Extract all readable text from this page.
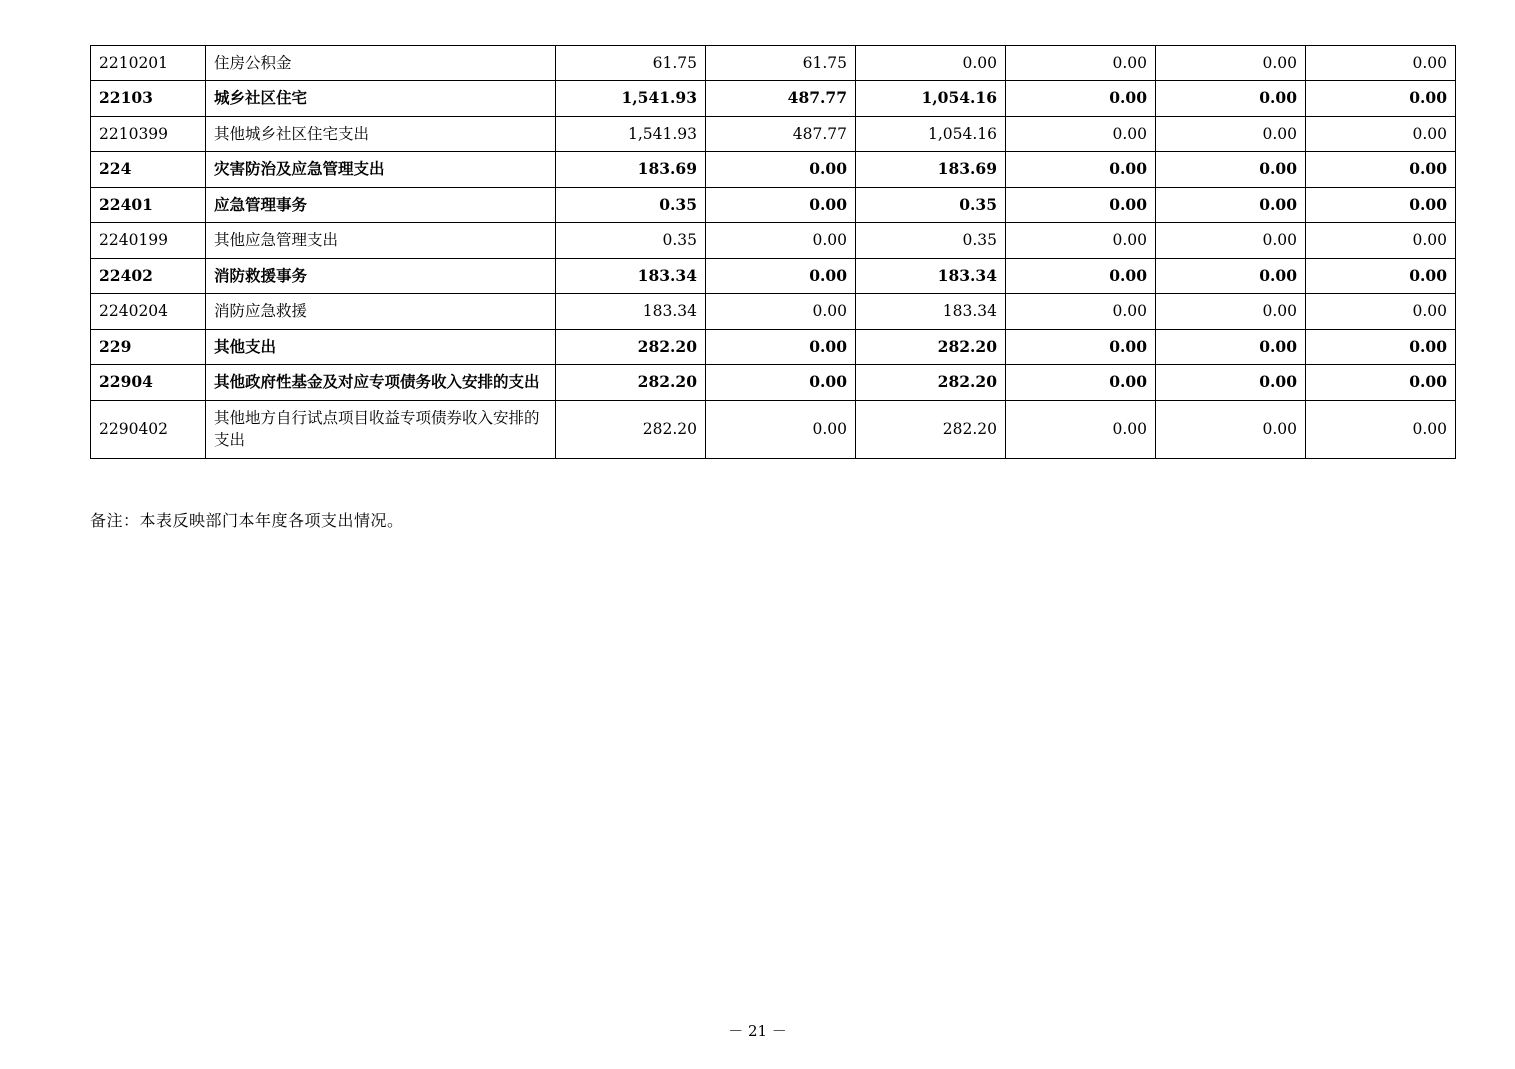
2210201	住房公积金	61.75	61.75	0.00	0.00	0.00	0.00
22103	城乡社区住宅	1,541.93	487.77	1,054.16	0.00	0.00	0.00
2210399	其他城乡社区住宅支出	1,541.93	487.77	1,054.16	0.00	0.00	0.00
224	灾害防治及应急管理支出	183.69	0.00	183.69	0.00	0.00	0.00
22401	应急管理事务	0.35	0.00	0.35	0.00	0.00	0.00
2240199	其他应急管理支出	0.35	0.00	0.35	0.00	0.00	0.00
22402	消防救援事务	183.34	0.00	183.34	0.00	0.00	0.00
2240204	消防应急救援	183.34	0.00	183.34	0.00	0.00	0.00
229	其他支出	282.20	0.00	282.20	0.00	0.00	0.00
22904	其他政府性基金及对应专项债务收入安排的支出	282.20	0.00	282.20	0.00	0.00	0.00
2290402	其他地方自行试点项目收益专项债券收入安排的支出	282.20	0.00	282.20	0.00	0.00	0.00
备注：本表反映部门本年度各项支出情况。
－ 21 －
